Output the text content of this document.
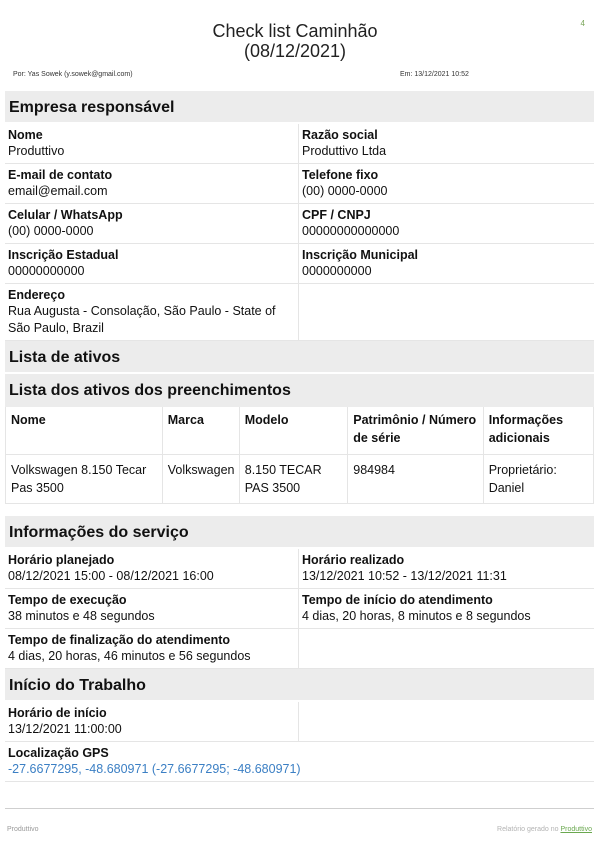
4
Check list Caminhão
(08/12/2021)
Por: Yas Sowek (y.sowek@gmail.com)	Em: 13/12/2021 10:52
Empresa responsável
Nome
Produttivo
Razão social
Produttivo Ltda
E-mail de contato
email@email.com
Telefone fixo
(00) 0000-0000
Celular / WhatsApp
(00) 0000-0000
CPF / CNPJ
00000000000000
Inscrição Estadual
00000000000
Inscrição Municipal
0000000000
Endereço
Rua Augusta - Consolação, São Paulo - State of São Paulo, Brazil
Lista de ativos
Lista dos ativos dos preenchimentos
Nome	Marca	Modelo	Patrimônio / Número de série	Informações adicionais
Volkswagen 8.150 Tecar Pas 3500	Volkswagen	8.150 TECAR PAS 3500	984984	Proprietário: Daniel
Informações do serviço
Horário planejado
08/12/2021 15:00 - 08/12/2021 16:00
Horário realizado
13/12/2021 10:52 - 13/12/2021 11:31
Tempo de execução
38 minutos e 48 segundos
Tempo de início do atendimento
4 dias, 20 horas, 8 minutos e 8 segundos
Tempo de finalização do atendimento
4 dias, 20 horas, 46 minutos e 56 segundos
Início do Trabalho
Horário de início
13/12/2021 11:00:00
Localização GPS
-27.6677295, -48.680971 (-27.6677295; -48.680971)
Produttivo	Relatório gerado no Produttivo
